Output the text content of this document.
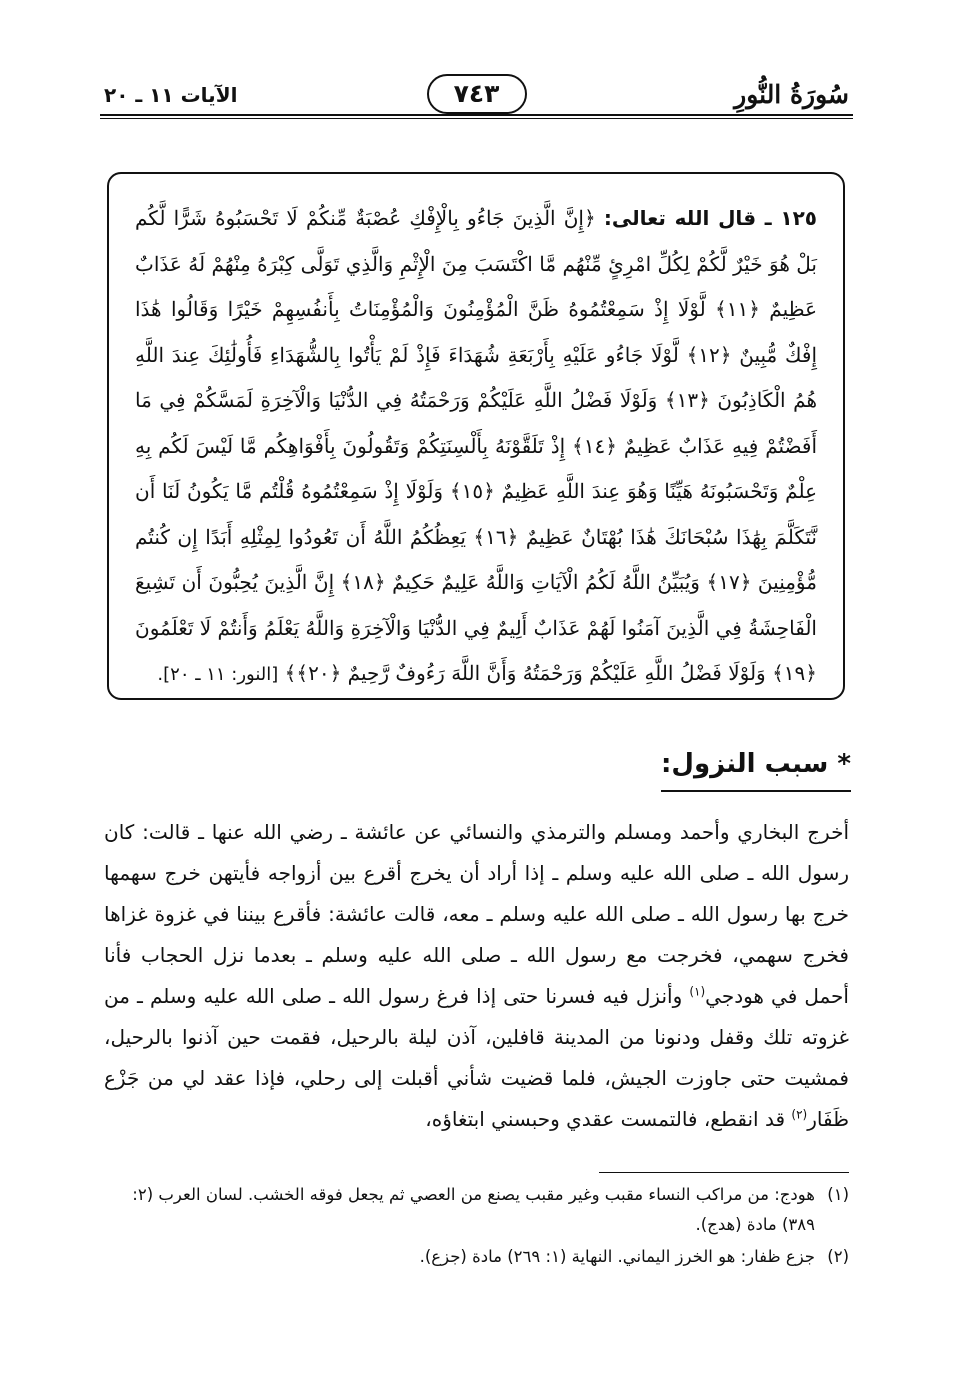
سُورَةُ النُّورِ
٧٤٣
الآيات ١١ ـ ٢٠
١٢٥ ـ قال الله تعالى: ﴿إِنَّ الَّذِينَ جَاءُو بِالْإِفْكِ عُصْبَةٌ مِّنكُمْ لَا تَحْسَبُوهُ شَرًّا لَّكُم بَلْ هُوَ خَيْرٌ لَّكُمْ لِكُلِّ امْرِئٍ مِّنْهُم مَّا اكْتَسَبَ مِنَ الْإِثْمِ وَالَّذِي تَوَلَّى كِبْرَهُ مِنْهُمْ لَهُ عَذَابٌ عَظِيمٌ ﴿١١﴾ لَّوْلَا إِذْ سَمِعْتُمُوهُ ظَنَّ الْمُؤْمِنُونَ وَالْمُؤْمِنَاتُ بِأَنفُسِهِمْ خَيْرًا وَقَالُوا هَٰذَا إِفْكٌ مُّبِينٌ ﴿١٢﴾ لَّوْلَا جَاءُو عَلَيْهِ بِأَرْبَعَةِ شُهَدَاءَ فَإِذْ لَمْ يَأْتُوا بِالشُّهَدَاءِ فَأُولَٰئِكَ عِندَ اللَّهِ هُمُ الْكَاذِبُونَ ﴿١٣﴾ وَلَوْلَا فَضْلُ اللَّهِ عَلَيْكُمْ وَرَحْمَتُهُ فِي الدُّنْيَا وَالْآخِرَةِ لَمَسَّكُمْ فِي مَا أَفَضْتُمْ فِيهِ عَذَابٌ عَظِيمٌ ﴿١٤﴾ إِذْ تَلَقَّوْنَهُ بِأَلْسِنَتِكُمْ وَتَقُولُونَ بِأَفْوَاهِكُم مَّا لَيْسَ لَكُم بِهِ عِلْمٌ وَتَحْسَبُونَهُ هَيِّنًا وَهُوَ عِندَ اللَّهِ عَظِيمٌ ﴿١٥﴾ وَلَوْلَا إِذْ سَمِعْتُمُوهُ قُلْتُم مَّا يَكُونُ لَنَا أَن نَّتَكَلَّمَ بِهَٰذَا سُبْحَانَكَ هَٰذَا بُهْتَانٌ عَظِيمٌ ﴿١٦﴾ يَعِظُكُمُ اللَّهُ أَن تَعُودُوا لِمِثْلِهِ أَبَدًا إِن كُنتُم مُّؤْمِنِينَ ﴿١٧﴾ وَيُبَيِّنُ اللَّهُ لَكُمُ الْآيَاتِ وَاللَّهُ عَلِيمٌ حَكِيمٌ ﴿١٨﴾ إِنَّ الَّذِينَ يُحِبُّونَ أَن تَشِيعَ الْفَاحِشَةُ فِي الَّذِينَ آمَنُوا لَهُمْ عَذَابٌ أَلِيمٌ فِي الدُّنْيَا وَالْآخِرَةِ وَاللَّهُ يَعْلَمُ وَأَنتُمْ لَا تَعْلَمُونَ ﴿١٩﴾ وَلَوْلَا فَضْلُ اللَّهِ عَلَيْكُمْ وَرَحْمَتُهُ وَأَنَّ اللَّهَ رَءُوفٌ رَّحِيمٌ ﴿٢٠﴾﴾ [النور: ١١ ـ ٢٠].
* سبب النزول:
أخرج البخاري وأحمد ومسلم والترمذي والنسائي عن عائشة ـ رضي الله عنها ـ قالت: كان رسول الله ـ صلى الله عليه وسلم ـ إذا أراد أن يخرج أقرع بين أزواجه فأيتهن خرج سهمها خرج بها رسول الله ـ صلى الله عليه وسلم ـ معه، قالت عائشة: فأقرع بيننا في غزوة غزاها فخرج سهمي، فخرجت مع رسول الله ـ صلى الله عليه وسلم ـ بعدما نزل الحجاب فأنا أحمل في هودجي$^{(١)}$ وأنزل فيه فسرنا حتى إذا فرغ رسول الله ـ صلى الله عليه وسلم ـ من غزوته تلك وقفل ودنونا من المدينة قافلين، آذن ليلة بالرحيل، فقمت حين آذنوا بالرحيل، فمشيت حتى جاوزت الجيش، فلما قضيت شأني أقبلت إلى رحلي، فإذا عقد لي من جَزْع ظَفَار$^{(٢)}$ قد انقطع، فالتمست عقدي وحبسني ابتغاؤه،
(١)
هودج: من مراكب النساء مقبب وغير مقبب يصنع من العصي ثم يجعل فوقه الخشب. لسان العرب (٢: ٣٨٩) مادة (هدج).
(٢)
جزع ظفار: هو الخرز اليماني. النهاية (١: ٢٦٩) مادة (جزع).
